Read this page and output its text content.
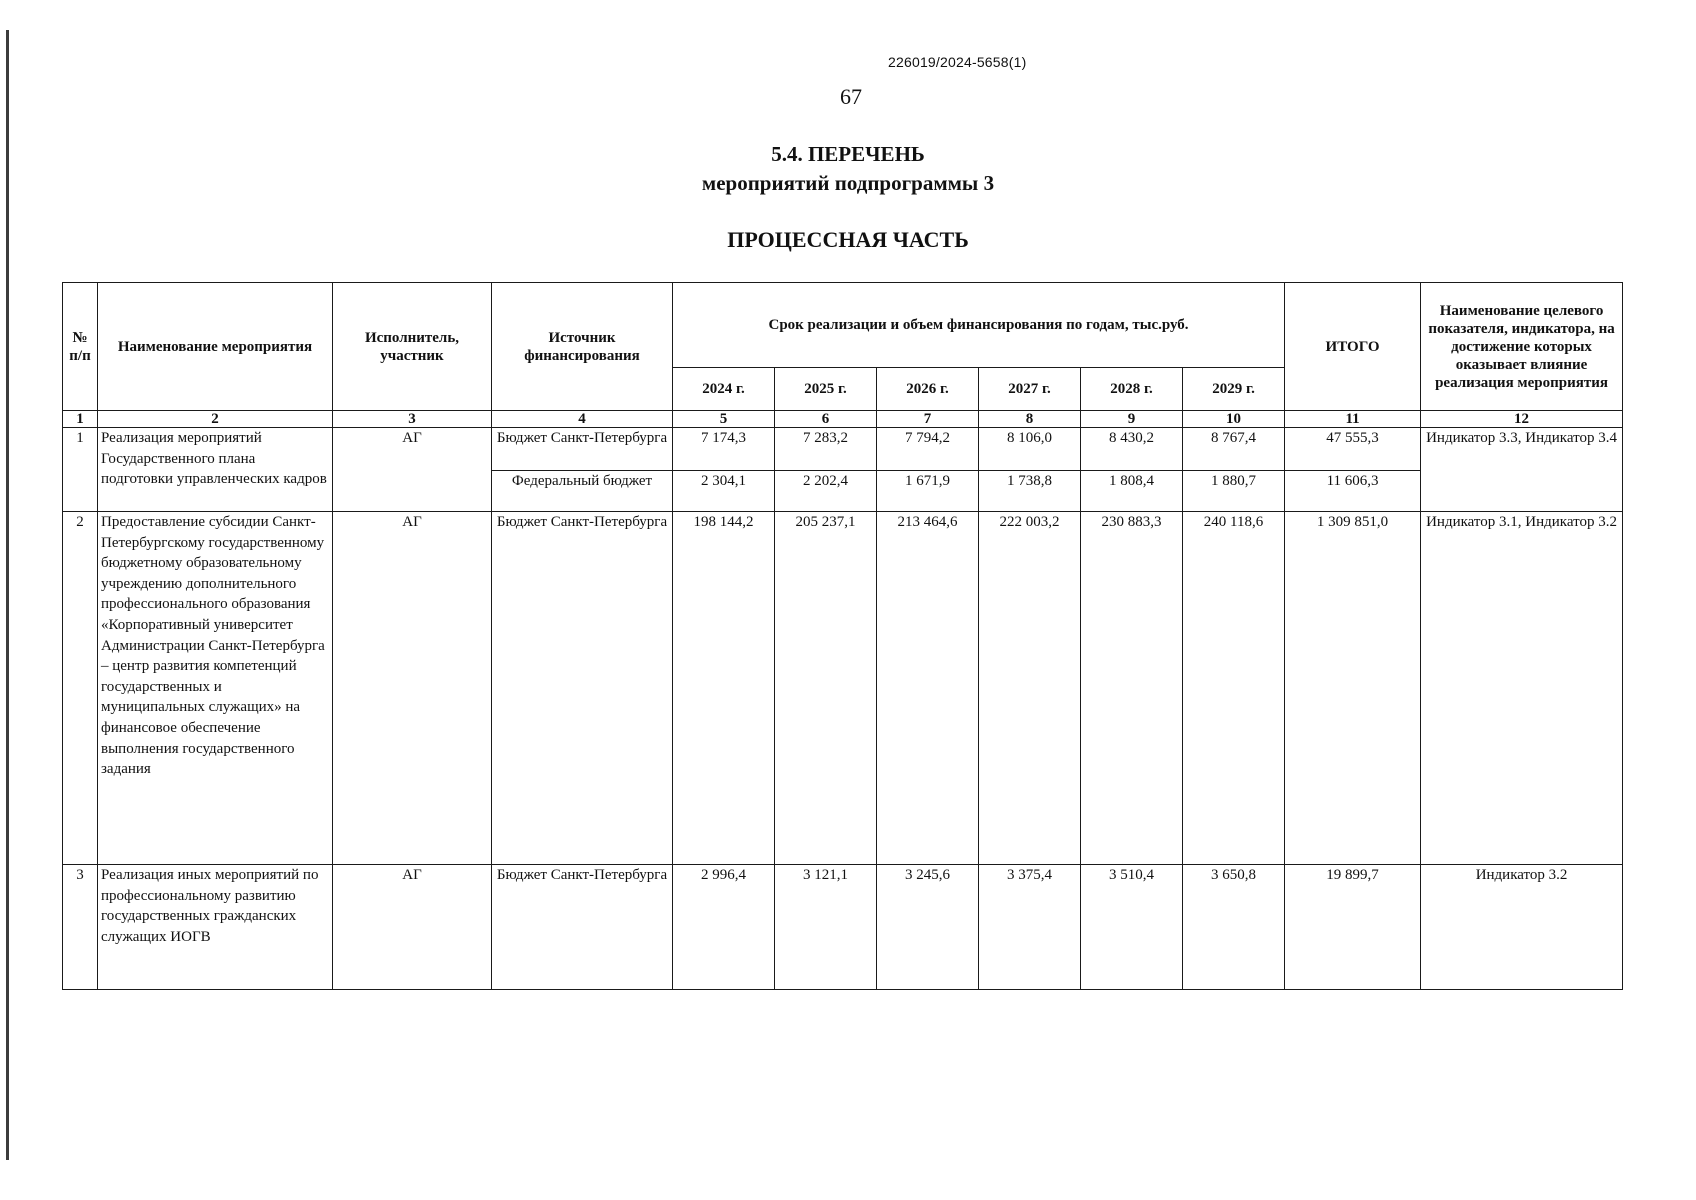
226019/2024-5658(1)
67
5.4. ПЕРЕЧЕНЬ
мероприятий подпрограммы 3
ПРОЦЕССНАЯ ЧАСТЬ
№ п/п	Наименование мероприятия	Исполнитель, участник	Источник финансирования	Срок реализации и объем финансирования по годам, тыс.руб.						ИТОГО	Наименование целевого показателя, индикатора, на достижение которых оказывает влияние реализация мероприятия
				2024 г.	2025 г.	2026 г.	2027 г.	2028 г.	2029 г.		
1	2	3	4	5	6	7	8	9	10	11	12
1	Реализация мероприятий Государственного плана подготовки управленческих кадров	АГ	Бюджет Санкт-Петербурга	7 174,3	7 283,2	7 794,2	8 106,0	8 430,2	8 767,4	47 555,3	Индикатор 3.3, Индикатор 3.4
			Федеральный бюджет	2 304,1	2 202,4	1 671,9	1 738,8	1 808,4	1 880,7	11 606,3	
2	Предоставление субсидии Санкт-Петербургскому государственному бюджетному образовательному учреждению дополнительного профессионального образования «Корпоративный университет Администрации Санкт-Петербурга – центр развития компетенций государственных и муниципальных служащих» на финансовое обеспечение выполнения государственного задания	АГ	Бюджет Санкт-Петербурга	198 144,2	205 237,1	213 464,6	222 003,2	230 883,3	240 118,6	1 309 851,0	Индикатор 3.1, Индикатор 3.2
3	Реализация иных мероприятий по профессиональному развитию государственных гражданских служащих ИОГВ	АГ	Бюджет Санкт-Петербурга	2 996,4	3 121,1	3 245,6	3 375,4	3 510,4	3 650,8	19 899,7	Индикатор 3.2
